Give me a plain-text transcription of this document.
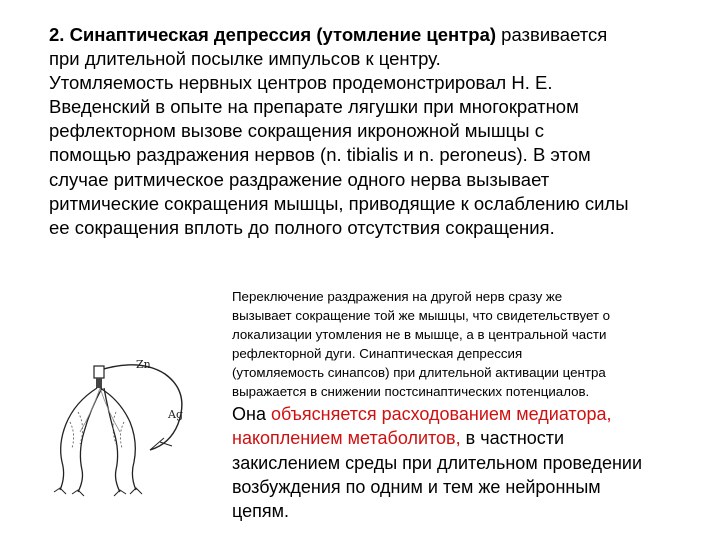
2. Синаптическая депрессия (утомление центра) развивается
при длительной посылке импульсов к центру.
Утомляемость нервных центров продемонстрировал Н. Е.
Введенский в опыте на препарате лягушки при многократном
рефлекторном вызове сокращения икроножной мышцы с
помощью раздражения нервов (n. tibialis и n. peroneus). В этом
случае ритмическое раздражение одного нерва вызывает
ритмические сокращения мышцы, приводящие к ослаблению силы
ее сокращения вплоть до полного отсутствия сокращения.

Zn
Ag

Переключение раздражения на другой нерв сразу же
вызывает сокращение той же мышцы, что свидетельствует о
локализации утомления не в мышце, а в центральной части
рефлекторной дуги. Синаптическая депрессия
(утомляемость синапсов) при длительной активации центра
выражается в снижении постсинаптических потенциалов.

Она объясняется расходованием медиатора,
накоплением метаболитов, в частности
закислением среды при длительном проведении
возбуждения по одним и тем же нейронным
цепям.
